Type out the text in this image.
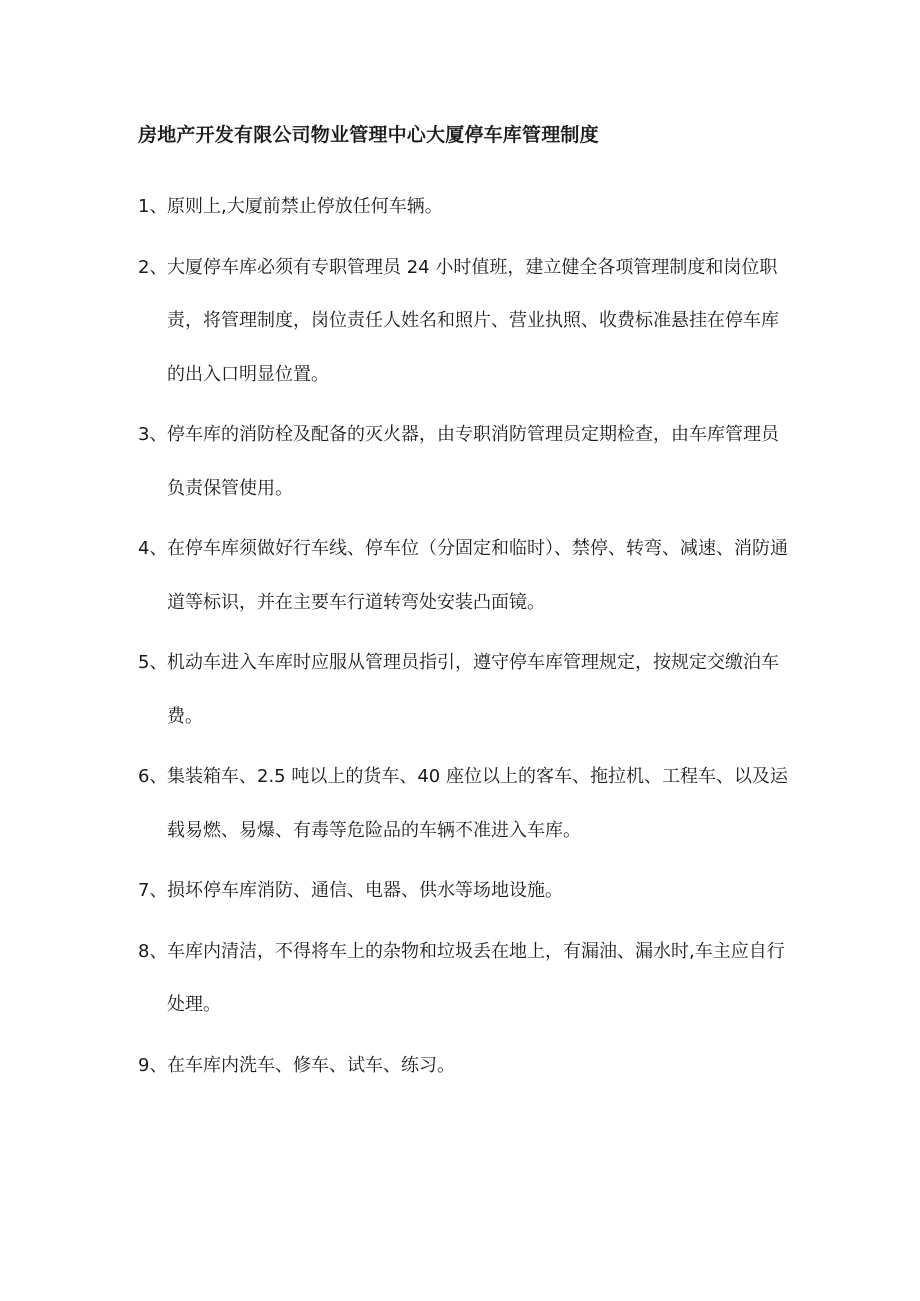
房地产开发有限公司物业管理中心大厦停车库管理制度
1、 原则上,大厦前禁止停放任何车辆。
2、 大厦停车库必须有专职管理员 24 小时值班，建立健全各项管理制度和岗位职责，将管理制度，岗位责任人姓名和照片、营业执照、收费标准悬挂在停车库的出入口明显位置。
3、 停车库的消防栓及配备的灭火器，由专职消防管理员定期检查，由车库管理员负责保管使用。
4、 在停车库须做好行车线、停车位（分固定和临时）、禁停、转弯、减速、消防通道等标识，并在主要车行道转弯处安装凸面镜。
5、 机动车进入车库时应服从管理员指引，遵守停车库管理规定，按规定交缴泊车费。
6、 集装箱车、2.5 吨以上的货车、40 座位以上的客车、拖拉机、工程车、以及运载易燃、易爆、有毒等危险品的车辆不准进入车库。
7、 损坏停车库消防、通信、电器、供水等场地设施。
8、 车库内清洁，不得将车上的杂物和垃圾丢在地上，有漏油、漏水时,车主应自行处理。
9、 在车库内洗车、修车、试车、练习。
